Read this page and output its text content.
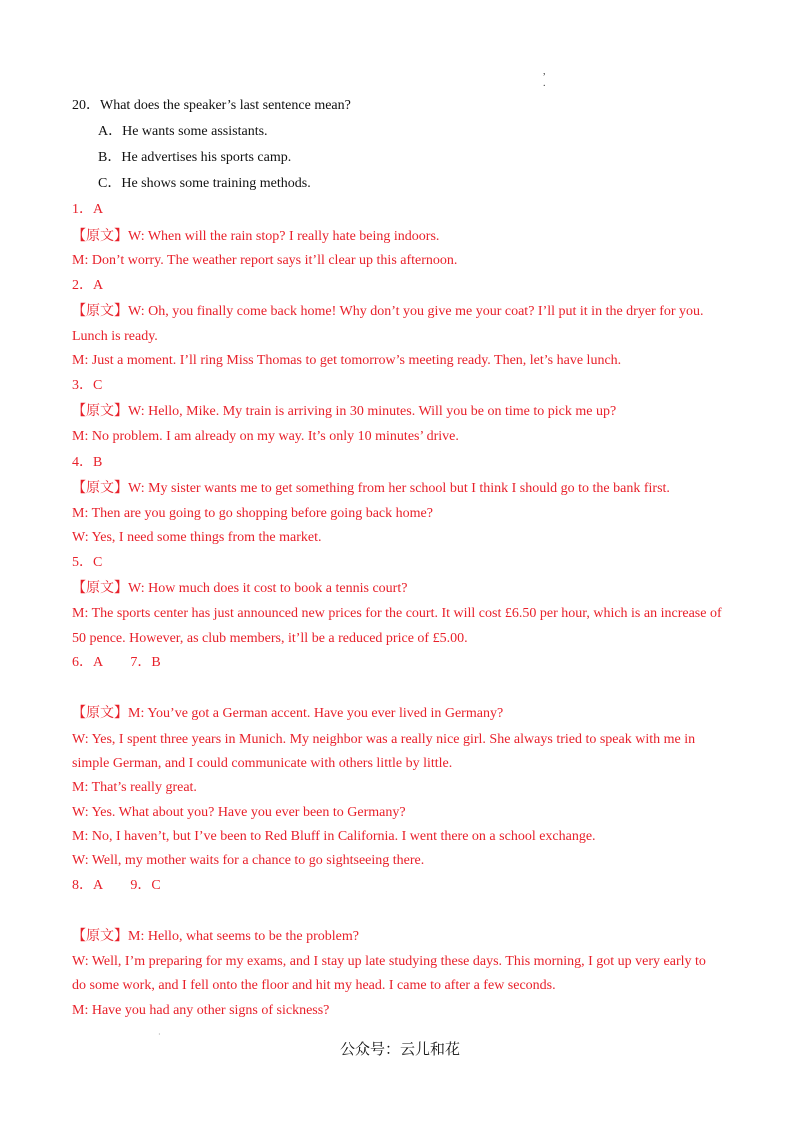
,
.
20．What does the speaker’s last sentence mean?
A．He wants some assistants.
B．He advertises his sports camp.
C．He shows some training methods.
1．A
【原文】W: When will the rain stop? I really hate being indoors.
M: Don’t worry. The weather report says it’ll clear up this afternoon.
2．A
【原文】W: Oh, you finally come back home! Why don’t you give me your coat? I’ll put it in the dryer for you.
Lunch is ready.
M: Just a moment. I’ll ring Miss Thomas to get tomorrow’s meeting ready. Then, let’s have lunch.
3．C
【原文】W: Hello, Mike. My train is arriving in 30 minutes. Will you be on time to pick me up?
M: No problem. I am already on my way. It’s only 10 minutes’ drive.
4．B
【原文】W: My sister wants me to get something from her school but I think I should go to the bank first.
M: Then are you going to go shopping before going back home?
W: Yes, I need some things from the market.
5．C
【原文】W: How much does it cost to book a tennis court?
M: The sports center has just announced new prices for the court. It will cost £6.50 per hour, which is an increase of
50 pence. However, as club members, it’ll be a reduced price of £5.00.
6．A　　7．B
【原文】M: You’ve got a German accent. Have you ever lived in Germany?
W: Yes, I spent three years in Munich. My neighbor was a really nice girl. She always tried to speak with me in
simple German, and I could communicate with others little by little.
M: That’s really great.
W: Yes. What about you? Have you ever been to Germany?
M: No, I haven’t, but I’ve been to Red Bluff in California. I went there on a school exchange.
W: Well, my mother waits for a chance to go sightseeing there.
8．A　　9．C
【原文】M: Hello, what seems to be the problem?
W: Well, I’m preparing for my exams, and I stay up late studying these days. This morning, I got up very early to
do some work, and I fell onto the floor and hit my head. I came to after a few seconds.
M: Have you had any other signs of sickness?
·
公众号：云儿和花
